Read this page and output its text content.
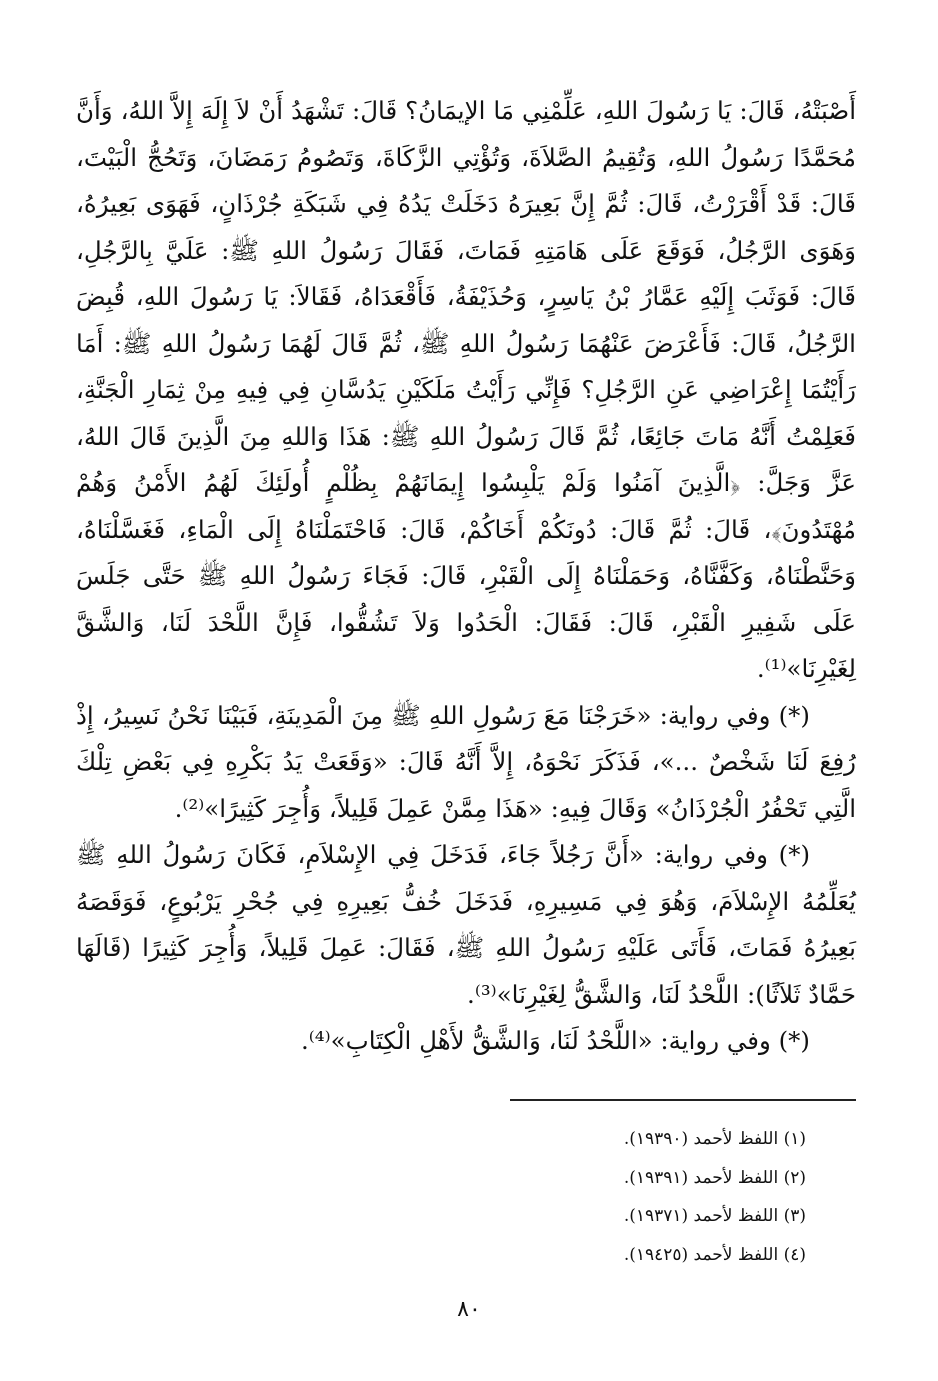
أَصْبَتْهُ، قَالَ: يَا رَسُولَ اللهِ، عَلِّمْنِي مَا الإيمَانُ؟ قَالَ: تَشْهَدُ أَنْ لاَ إِلَهَ إِلاَّ اللهُ، وَأَنَّ مُحَمَّدًا رَسُولُ اللهِ، وَتُقِيمُ الصَّلاَةَ، وَتُؤْتِي الزَّكَاةَ، وَتَصُومُ رَمَضَانَ، وَتَحُجُّ الْبَيْتَ، قَالَ: قَدْ أَقْرَرْتُ، قَالَ: ثُمَّ إِنَّ بَعِيرَهُ دَخَلَتْ يَدُهُ فِي شَبَكَةِ جُرْذَانٍ، فَهَوَى بَعِيرُهُ، وَهَوَى الرَّجُلُ، فَوَقَعَ عَلَى هَامَتِهِ فَمَاتَ، فَقَالَ رَسُولُ اللهِ ﷺ: عَلَيَّ بِالرَّجُلِ، قَالَ: فَوَثَبَ إِلَيْهِ عَمَّارُ بْنُ يَاسِرٍ، وَحُذَيْفَةُ، فَأَقْعَدَاهُ، فَقَالاَ: يَا رَسُولَ اللهِ، قُبِضَ الرَّجُلُ، قَالَ: فَأَعْرَضَ عَنْهُمَا رَسُولُ اللهِ ﷺ، ثُمَّ قَالَ لَهُمَا رَسُولُ اللهِ ﷺ: أَمَا رَأَيْتُمَا إِعْرَاضِي عَنِ الرَّجُلِ؟ فَإِنِّي رَأَيْتُ مَلَكَيْنِ يَدُسَّانِ فِي فِيهِ مِنْ ثِمَارِ الْجَنَّةِ، فَعَلِمْتُ أَنَّهُ مَاتَ جَائِعًا، ثُمَّ قَالَ رَسُولُ اللهِ ﷺ: هَذَا وَاللهِ مِنَ الَّذِينَ قَالَ اللهُ، عَزَّ وَجَلَّ: ﴿الَّذِينَ آمَنُوا وَلَمْ يَلْبِسُوا إِيمَانَهُمْ بِظُلْمٍ أُولَئِكَ لَهُمُ الأَمْنُ وَهُمْ مُهْتَدُونَ﴾، قَالَ: ثُمَّ قَالَ: دُونَكُمْ أَخَاكُمْ، قَالَ: فَاحْتَمَلْنَاهُ إِلَى الْمَاءِ، فَغَسَّلْنَاهُ، وَحَنَّطْنَاهُ، وَكَفَّنَّاهُ، وَحَمَلْنَاهُ إِلَى الْقَبْرِ، قَالَ: فَجَاءَ رَسُولُ اللهِ ﷺ حَتَّى جَلَسَ عَلَى شَفِيرِ الْقَبْرِ، قَالَ: فَقَالَ: الْحَدُوا وَلاَ تَشُقُّوا، فَإِنَّ اللَّحْدَ لَنَا، وَالشَّقَّ لِغَيْرِنَا»⁽¹⁾.

(*) وفي رواية: «خَرَجْنَا مَعَ رَسُولِ اللهِ ﷺ مِنَ الْمَدِينَةِ، فَبَيْنَا نَحْنُ نَسِيرُ، إِذْ رُفِعَ لَنَا شَخْصٌ ...»، فَذَكَرَ نَحْوَهُ، إِلاَّ أَنَّهُ قَالَ: «وَقَعَتْ يَدُ بَكْرِهِ فِي بَعْضِ تِلْكَ الَّتِي تَحْفُرُ الْجُرْذَانُ» وَقَالَ فِيهِ: «هَذَا مِمَّنْ عَمِلَ قَلِيلاً، وَأُجِرَ كَثِيرًا»⁽²⁾.

(*) وفي رواية: «أَنَّ رَجُلاً جَاءَ، فَدَخَلَ فِي الإِسْلاَمِ، فَكَانَ رَسُولُ اللهِ ﷺ يُعَلِّمُهُ الإِسْلاَمَ، وَهُوَ فِي مَسِيرِهِ، فَدَخَلَ خُفُّ بَعِيرِهِ فِي جُحْرِ يَرْبُوعٍ، فَوَقَصَهُ بَعِيرُهُ فَمَاتَ، فَأَتَى عَلَيْهِ رَسُولُ اللهِ ﷺ، فَقَالَ: عَمِلَ قَلِيلاً، وَأُجِرَ كَثِيرًا (قَالَهَا حَمَّادٌ ثَلاَثًا): اللَّحْدُ لَنَا، وَالشَّقُّ لِغَيْرِنَا»⁽³⁾.

(*) وفي رواية: «اللَّحْدُ لَنَا، وَالشَّقُّ لأَهْلِ الْكِتَابِ»⁽⁴⁾.

(١) اللفظ لأحمد (١٩٣٩٠).
(٢) اللفظ لأحمد (١٩٣٩١).
(٣) اللفظ لأحمد (١٩٣٧١).
(٤) اللفظ لأحمد (١٩٤٢٥).
٨٠
